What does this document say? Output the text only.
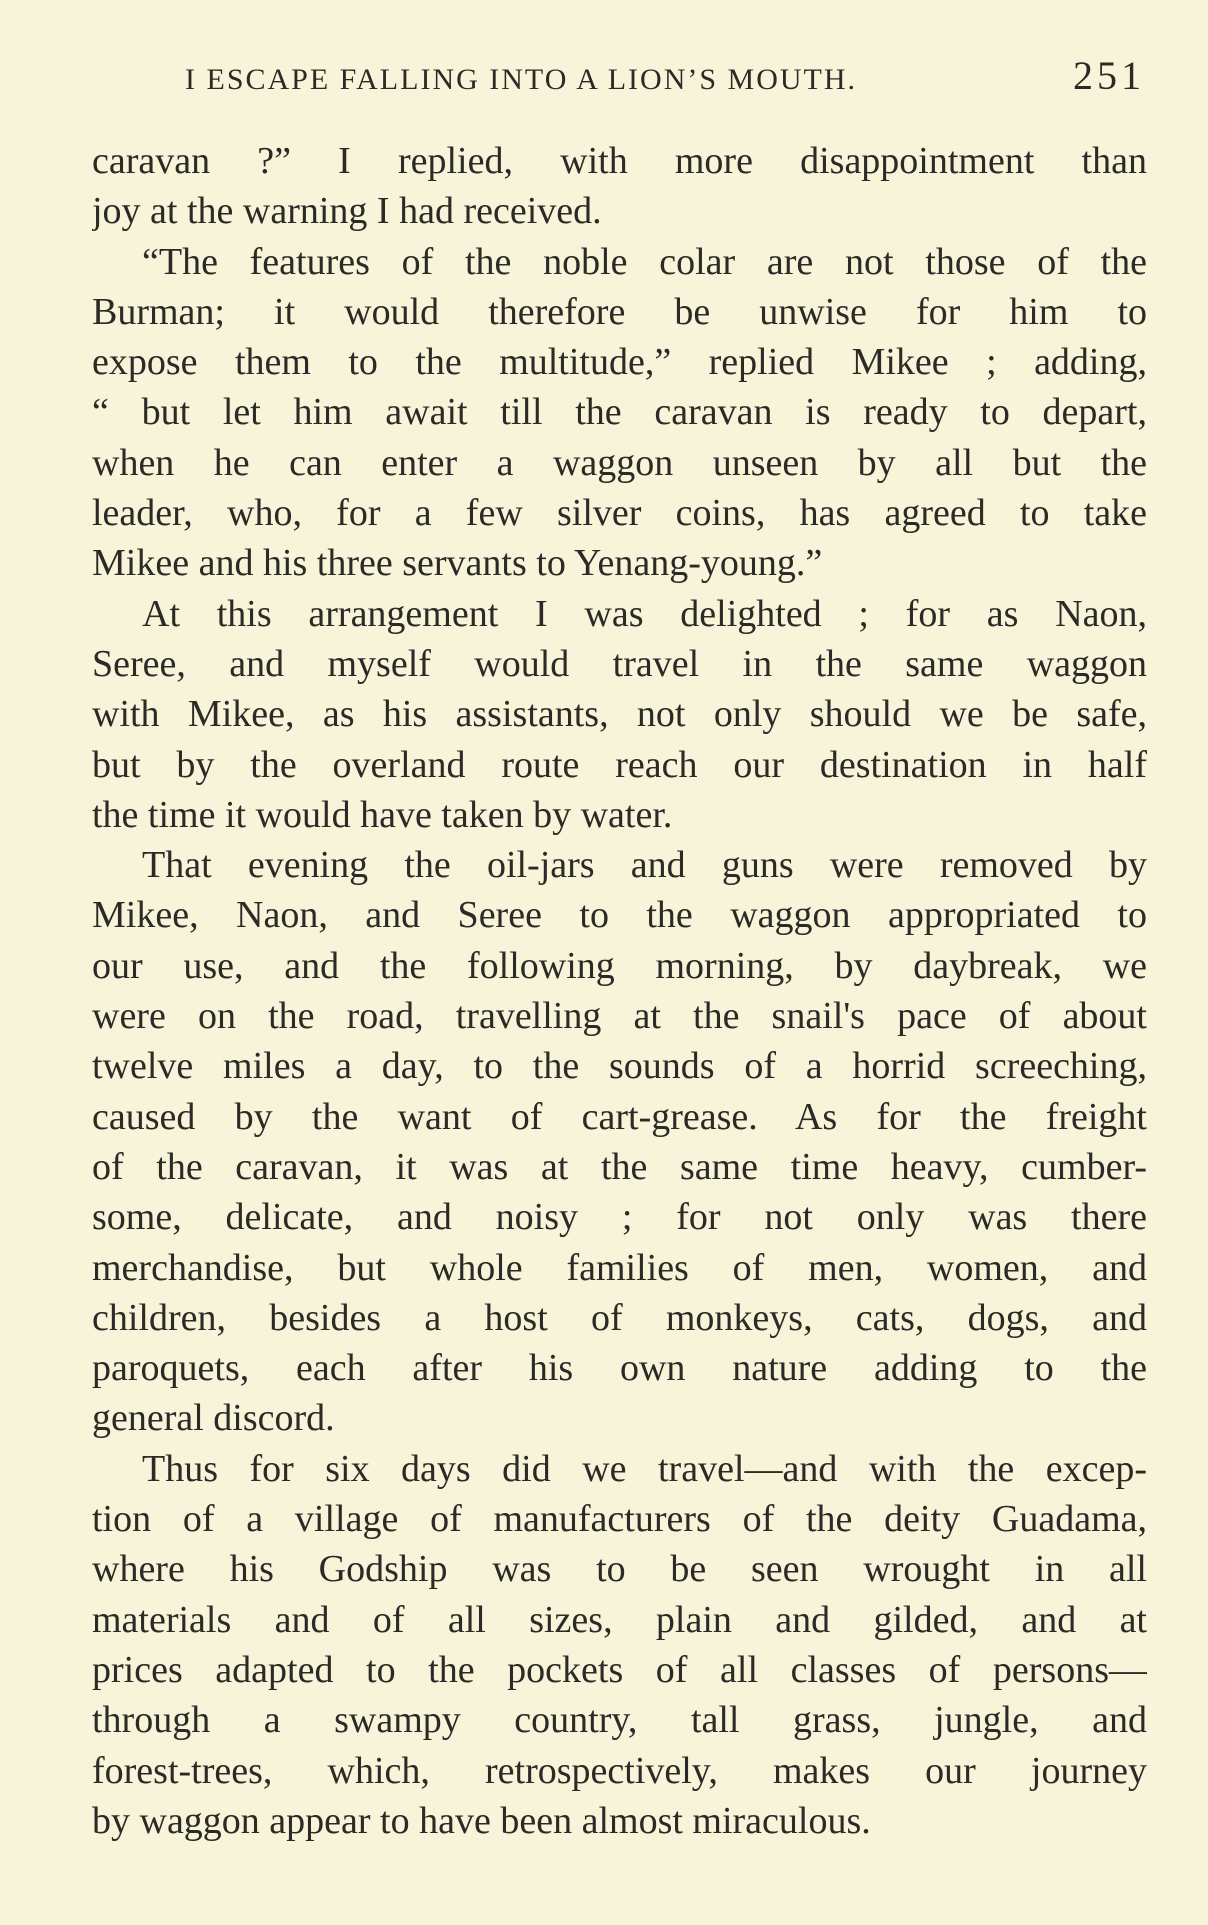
I ESCAPE FALLING INTO A LION’S MOUTH.	251
caravan ?” I replied, with more disappointment than
joy at the warning I had received.
“The features of the noble colar are not those of the
Burman; it would therefore be unwise for him to
expose them to the multitude,” replied Mikee ; adding,
“ but let him await till the caravan is ready to depart,
when he can enter a waggon unseen by all but the
leader, who, for a few silver coins, has agreed to take
Mikee and his three servants to Yenang-young.”
At this arrangement I was delighted ; for as Naon,
Seree, and myself would travel in the same waggon
with Mikee, as his assistants, not only should we be safe,
but by the overland route reach our destination in half
the time it would have taken by water.
That evening the oil-jars and guns were removed by
Mikee, Naon, and Seree to the waggon appropriated to
our use, and the following morning, by daybreak, we
were on the road, travelling at the snail's pace of about
twelve miles a day, to the sounds of a horrid screeching,
caused by the want of cart-grease. As for the freight
of the caravan, it was at the same time heavy, cumber-
some, delicate, and noisy ; for not only was there
merchandise, but whole families of men, women, and
children, besides a host of monkeys, cats, dogs, and
paroquets, each after his own nature adding to the
general discord.
Thus for six days did we travel—and with the excep-
tion of a village of manufacturers of the deity Guadama,
where his Godship was to be seen wrought in all
materials and of all sizes, plain and gilded, and at
prices adapted to the pockets of all classes of persons—
through a swampy country, tall grass, jungle, and
forest-trees, which, retrospectively, makes our journey
by waggon appear to have been almost miraculous.
